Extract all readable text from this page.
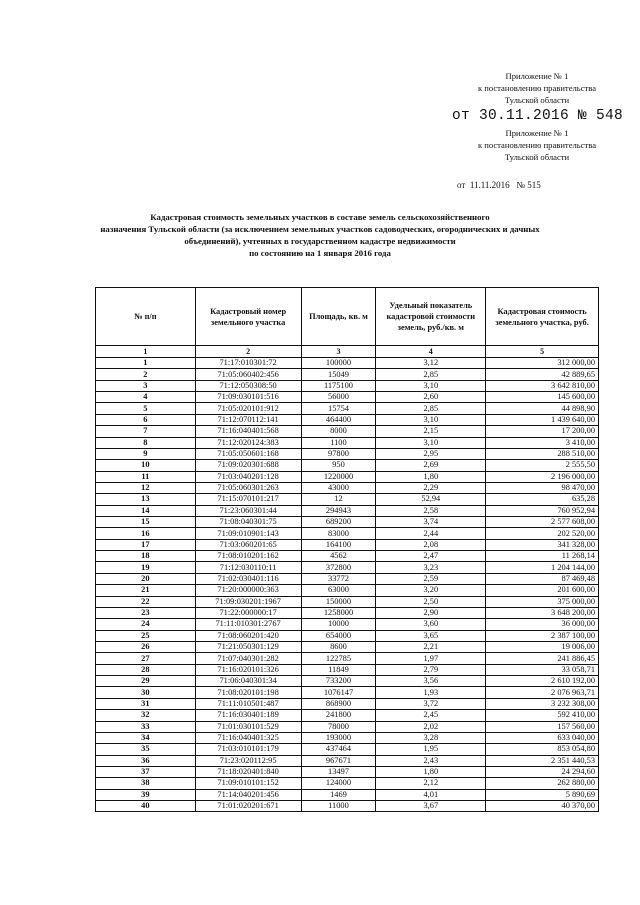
Приложение № 1
к постановлению правительства
Тульской области
от 30.11.2016 № 548
Приложение № 1
к постановлению правительства
Тульской области
от  11.11.2016   № 515
Кадастровая стоимость земельных участков в составе земель сельскохозяйственного
назначения Тульской области (за исключением земельных участков садоводческих, огороднических и дачных
объединений), учтенных в государственном кадастре недвижимости
по состоянию на 1 января 2016 года
№ п/п	Кадастровый номер земельного участка	Площадь, кв. м	Удельный показатель кадастровой стоимости земель, руб./кв. м	Кадастровая стоимость земельного участка, руб.
1	2	3	4	5
1	71:17:010301:72	100000	3,12	312 000,00
2	71:05:060402:456	15049	2,85	42 889,65
3	71:12:050308:50	1175100	3,10	3 642 810,00
4	71:09:030101:516	56000	2,60	145 600,00
5	71:05:020101:912	15754	2,85	44 898,90
6	71:12:070112:141	464400	3,10	1 439 640,00
7	71:16:040401:568	8000	2,15	17 200,00
8	71:12:020124:383	1100	3,10	3 410,00
9	71:05:050601:168	97800	2,95	288 510,00
10	71:09:020301:688	950	2,69	2 555,50
11	71:03:040201:128	1220000	1,80	2 196 000,00
12	71:05:060301:263	43000	2,29	98 470,00
13	71:15:070101:217	12	52,94	635,28
14	71:23:060301:44	294943	2,58	760 952,94
15	71:08:040301:75	689200	3,74	2 577 608,00
16	71:09:010901:143	83000	2,44	202 520,00
17	71:03:060201:65	164100	2,08	341 328,00
18	71:08:010201:162	4562	2,47	11 268,14
19	71:12:030110:11	372800	3,23	1 204 144,00
20	71:02:030401:116	33772	2,59	87 469,48
21	71:20:000000:363	63000	3,20	201 600,00
22	71:09:030201:1967	150000	2,50	375 000,00
23	71:22:000000:17	1258000	2,90	3 648 200,00
24	71:11:010301:2767	10000	3,60	36 000,00
25	71:08:060201:420	654000	3,65	2 387 100,00
26	71:21:050301:129	8600	2,21	19 006,00
27	71:07:040301:282	122785	1,97	241 886,45
28	71:16:020101:326	11849	2,79	33 058,71
29	71:06:040301:34	733200	3,56	2 610 192,00
30	71:08:020101:198	1076147	1,93	2 076 963,71
31	71:11:010501:487	868900	3,72	3 232 308,00
32	71:16:030401:189	241800	2,45	592 410,00
33	71:01:030101:529	78000	2,02	157 560,00
34	71:16:040401:325	193000	3,28	633 040,00
35	71:03:010101:179	437464	1,95	853 054,80
36	71:23:020112:95	967671	2,43	2 351 440,53
37	71:18:020401:840	13497	1,80	24 294,60
38	71:09:010101:152	124000	2,12	262 880,00
39	71:14:040201:456	1469	4,01	5 890,69
40	71:01:020201:671	11000	3,67	40 370,00
